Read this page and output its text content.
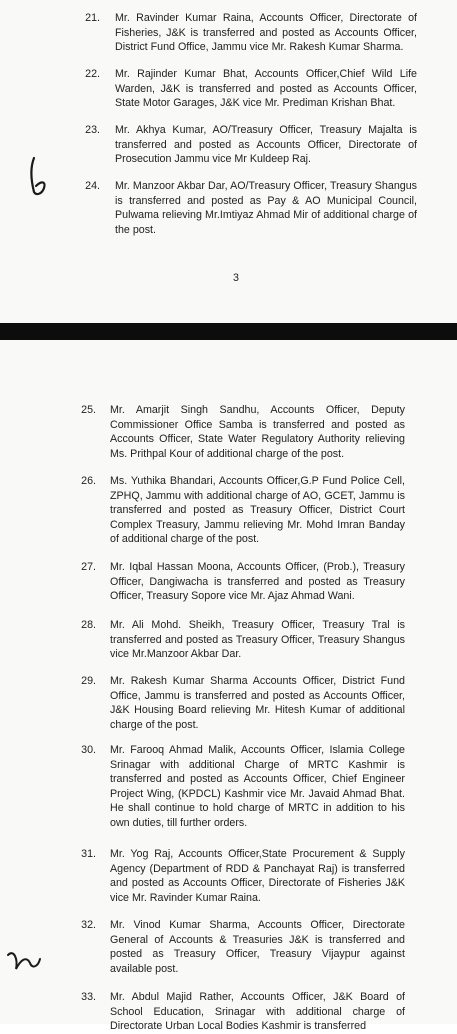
21. Mr. Ravinder Kumar Raina, Accounts Officer, Directorate of Fisheries, J&K is transferred and posted as Accounts Officer, District Fund Office, Jammu vice Mr. Rakesh Kumar Sharma.
22. Mr. Rajinder Kumar Bhat, Accounts Officer,Chief Wild Life Warden, J&K is transferred and posted as Accounts Officer, State Motor Garages, J&K vice Mr. Prediman Krishan Bhat.
23. Mr. Akhya Kumar, AO/Treasury Officer, Treasury Majalta is transferred and posted as Accounts Officer, Directorate of Prosecution Jammu vice Mr Kuldeep Raj.
24. Mr. Manzoor Akbar Dar, AO/Treasury Officer, Treasury Shangus is transferred and posted as Pay & AO Municipal Council, Pulwama relieving Mr.Imtiyaz Ahmad Mir of additional charge of the post.
3
25. Mr. Amarjit Singh Sandhu, Accounts Officer, Deputy Commissioner Office Samba is transferred and posted as Accounts Officer, State Water Regulatory Authority relieving Ms. Prithpal Kour of additional charge of the post.
26. Ms. Yuthika Bhandari, Accounts Officer,G.P Fund Police Cell, ZPHQ, Jammu with additional charge of AO, GCET, Jammu is transferred and posted as Treasury Officer, District Court Complex Treasury, Jammu relieving Mr. Mohd Imran Banday of additional charge of the post.
27. Mr. Iqbal Hassan Moona, Accounts Officer, (Prob.), Treasury Officer, Dangiwacha is transferred and posted as Treasury Officer, Treasury Sopore vice Mr. Ajaz Ahmad Wani.
28. Mr. Ali Mohd. Sheikh, Treasury Officer, Treasury Tral is transferred and posted as Treasury Officer, Treasury Shangus vice Mr.Manzoor Akbar Dar.
29. Mr. Rakesh Kumar Sharma Accounts Officer, District Fund Office, Jammu is transferred and posted as Accounts Officer, J&K Housing Board relieving Mr. Hitesh Kumar of additional charge of the post.
30. Mr. Farooq Ahmad Malik, Accounts Officer, Islamia College Srinagar with additional Charge of MRTC Kashmir is transferred and posted as Accounts Officer, Chief Engineer Project Wing, (KPDCL) Kashmir vice Mr. Javaid Ahmad Bhat. He shall continue to hold charge of MRTC in addition to his own duties, till further orders.
31. Mr. Yog Raj, Accounts Officer,State Procurement & Supply Agency (Department of RDD & Panchayat Raj) is transferred and posted as Accounts Officer, Directorate of Fisheries J&K vice Mr. Ravinder Kumar Raina.
32. Mr. Vinod Kumar Sharma, Accounts Officer, Directorate General of Accounts & Treasuries J&K is transferred and posted as Treasury Officer, Treasury Vijaypur against available post.
33. Mr. Abdul Majid Rather, Accounts Officer, J&K Board of School Education, Srinagar with additional charge of Directorate Urban Local Bodies Kashmir is transferred
